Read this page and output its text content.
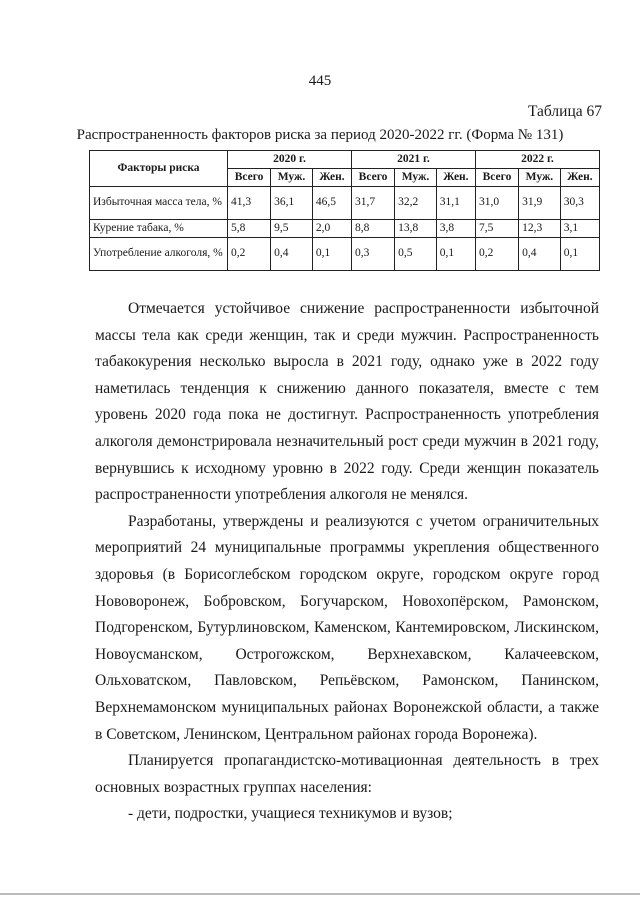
445
Таблица 67
Распространенность факторов риска за период 2020-2022 гг. (Форма № 131)
Факторы риска	2020 г.			2021 г.			2022 г.		
	Всего	Муж.	Жен.	Всего	Муж.	Жен.	Всего	Муж.	Жен.
Избыточная масса тела, %	41,3	36,1	46,5	31,7	32,2	31,1	31,0	31,9	30,3
Курение табака, %	5,8	9,5	2,0	8,8	13,8	3,8	7,5	12,3	3,1
Употребление алкоголя, %	0,2	0,4	0,1	0,3	0,5	0,1	0,2	0,4	0,1

Отмечается устойчивое снижение распространенности избыточной массы тела как среди женщин, так и среди мужчин. Распространенность табакокурения несколько выросла в 2021 году, однако уже в 2022 году наметилась тенденция к снижению данного показателя, вместе с тем уровень 2020 года пока не достигнут. Распространенность употребления алкоголя демонстрировала незначительный рост среди мужчин в 2021 году, вернувшись к исходному уровню в 2022 году. Среди женщин показатель распространенности употребления алкоголя не менялся.

Разработаны, утверждены и реализуются с учетом ограничительных мероприятий 24 муниципальные программы укрепления общественного здоровья (в Борисоглебском городском округе, городском округе город Нововоронеж, Бобровском, Богучарском, Новохопёрском, Рамонском, Подгоренском, Бутурлиновском, Каменском, Кантемировском, Лискинском, Новоусманском, Острогожском, Верхнехавском, Калачеевском, Ольховатском, Павловском, Репьёвском, Рамонском, Панинском, Верхнемамонском муниципальных районах Воронежской области, а также в Советском, Ленинском, Центральном районах города Воронежа).

Планируется пропагандистско-мотивационная деятельность в трех основных возрастных группах населения:

- дети, подростки, учащиеся техникумов и вузов;
